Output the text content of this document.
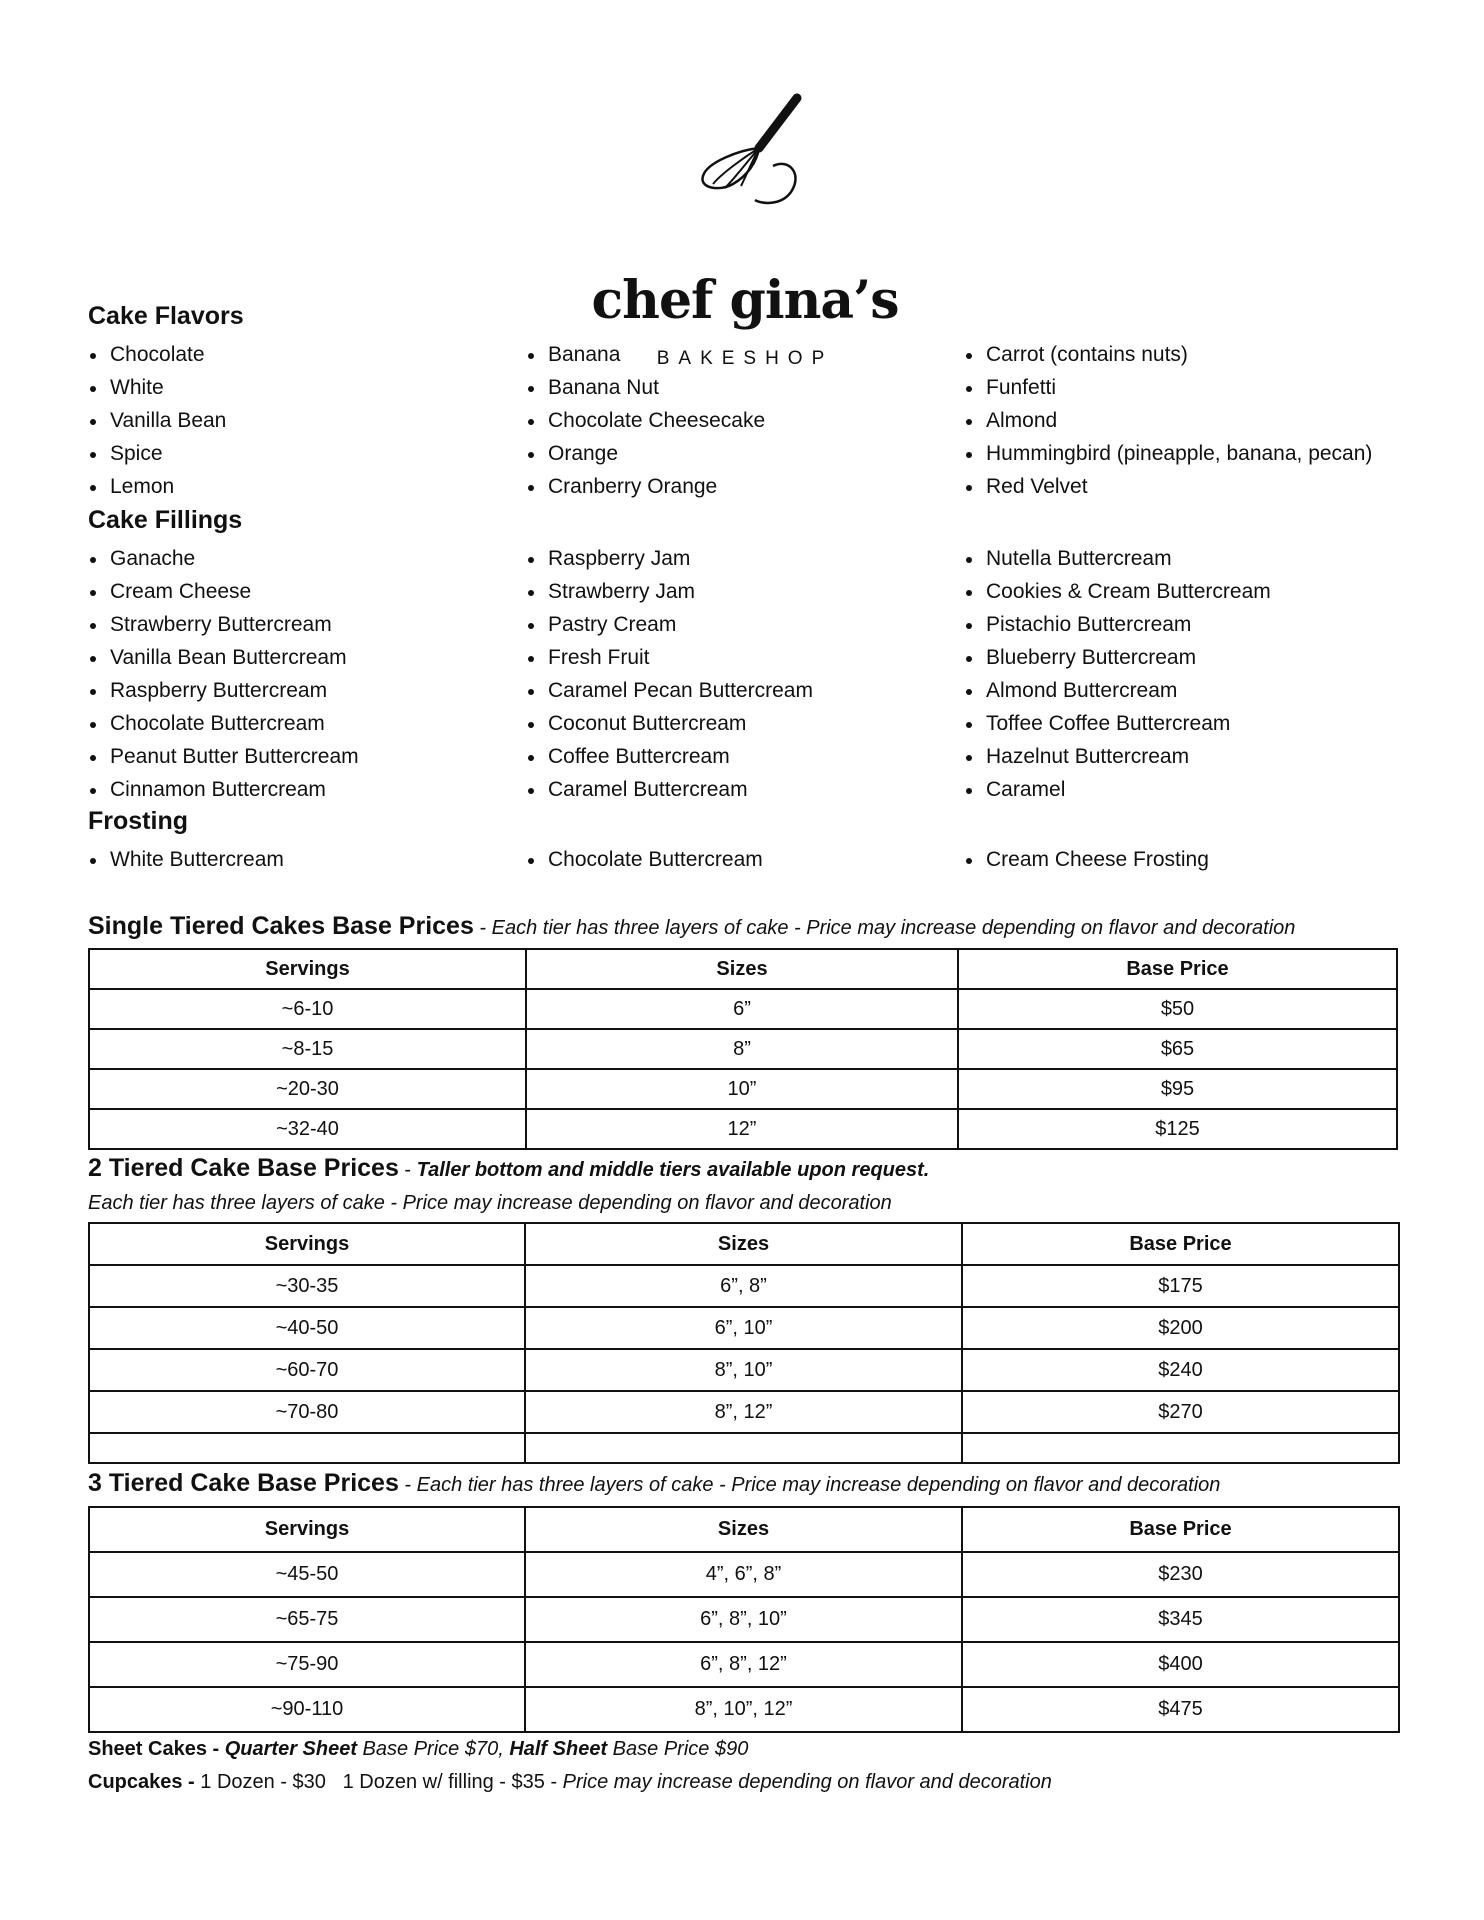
chef gina’s
BAKESHOP
Cake Flavors
Chocolate
White
Vanilla Bean
Spice
Lemon
Banana
Banana Nut
Chocolate Cheesecake
Orange
Cranberry Orange
Carrot (contains nuts)
Funfetti
Almond
Hummingbird (pineapple, banana, pecan)
Red Velvet
Cake Fillings
Ganache
Cream Cheese
Strawberry Buttercream
Vanilla Bean Buttercream
Raspberry Buttercream
Chocolate Buttercream
Peanut Butter Buttercream
Cinnamon Buttercream
Raspberry Jam
Strawberry Jam
Pastry Cream
Fresh Fruit
Caramel Pecan Buttercream
Coconut Buttercream
Coffee Buttercream
Caramel Buttercream
Nutella Buttercream
Cookies & Cream Buttercream
Pistachio Buttercream
Blueberry Buttercream
Almond Buttercream
Toffee Coffee Buttercream
Hazelnut Buttercream
Caramel
Frosting
White Buttercream	Chocolate Buttercream	Cream Cheese Frosting
Single Tiered Cakes Base Prices - Each tier has three layers of cake - Price may increase depending on flavor and decoration
Servings	Sizes	Base Price
~6-10	6”	$50
~8-15	8”	$65
~20-30	10”	$95
~32-40	12”	$125
2 Tiered Cake Base Prices - Taller bottom and middle tiers available upon request.
Each tier has three layers of cake - Price may increase depending on flavor and decoration
Servings	Sizes	Base Price
~30-35	6”, 8”	$175
~40-50	6”, 10”	$200
~60-70	8”, 10”	$240
~70-80	8”, 12”	$270

3 Tiered Cake Base Prices - Each tier has three layers of cake - Price may increase depending on flavor and decoration
Servings	Sizes	Base Price
~45-50	4”, 6”, 8”	$230
~65-75	6”, 8”, 10”	$345
~75-90	6”, 8”, 12”	$400
~90-110	8”, 10”, 12”	$475
Sheet Cakes - Quarter Sheet Base Price $70, Half Sheet Base Price $90
Cupcakes - 1 Dozen - $30   1 Dozen w/ filling - $35 - Price may increase depending on flavor and decoration
